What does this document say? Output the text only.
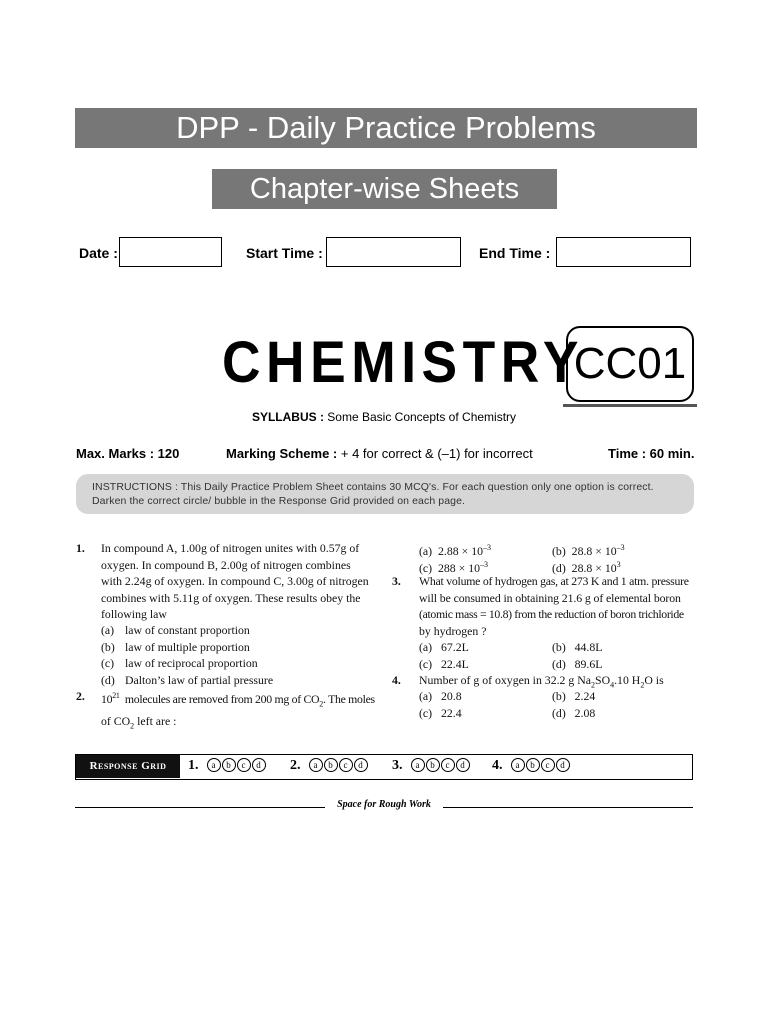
DPP - Daily Practice Problems
Chapter-wise Sheets
Date :	Start Time :	End Time :
CHEMISTRY
CC01
SYLLABUS : Some Basic Concepts of Chemistry
Max. Marks : 120	Marking Scheme : + 4 for correct & (–1) for incorrect	Time : 60 min.
INSTRUCTIONS : This Daily Practice Problem Sheet contains 30 MCQ's. For each question only one option is correct. Darken the correct circle/ bubble in the Response Grid provided on each page.
1. In compound A, 1.00g of nitrogen unites with 0.57g of
oxygen. In compound B, 2.00g of nitrogen combines
with 2.24g of oxygen. In compound C, 3.00g of nitrogen
combines with 5.11g of oxygen. These results obey the
following law
(a) law of constant proportion
(b) law of multiple proportion
(c) law of reciprocal proportion
(d) Dalton’s law of partial pressure
2. $10^{21}$  molecules are removed from 200 mg of $CO_2$. The moles
of $CO_2$ left are :
(a) $2.88 \times 10^{-3}$	(b) $28.8 \times 10^{-3}$
(c) $288 \times 10^{-3}$	(d) $28.8 \times 10^3$
3. What volume of hydrogen gas, at 273 K and 1 atm. pressure
will be consumed in obtaining 21.6 g of elemental boron
(atomic mass = 10.8) from the reduction of boron trichloride
by hydrogen ?
(a) 67.2L	(b) 44.8L
(c) 22.4L	(d) 89.6L
4. Number of g of oxygen in 32.2 g $Na_2SO_4.10$ $H_2O$ is
(a) 20.8	(b) 2.24
(c) 22.4	(d) 2.08
Response Grid	1. a b c d	2. a b c d	3. a b c d	4. a b c d
Space for Rough Work
